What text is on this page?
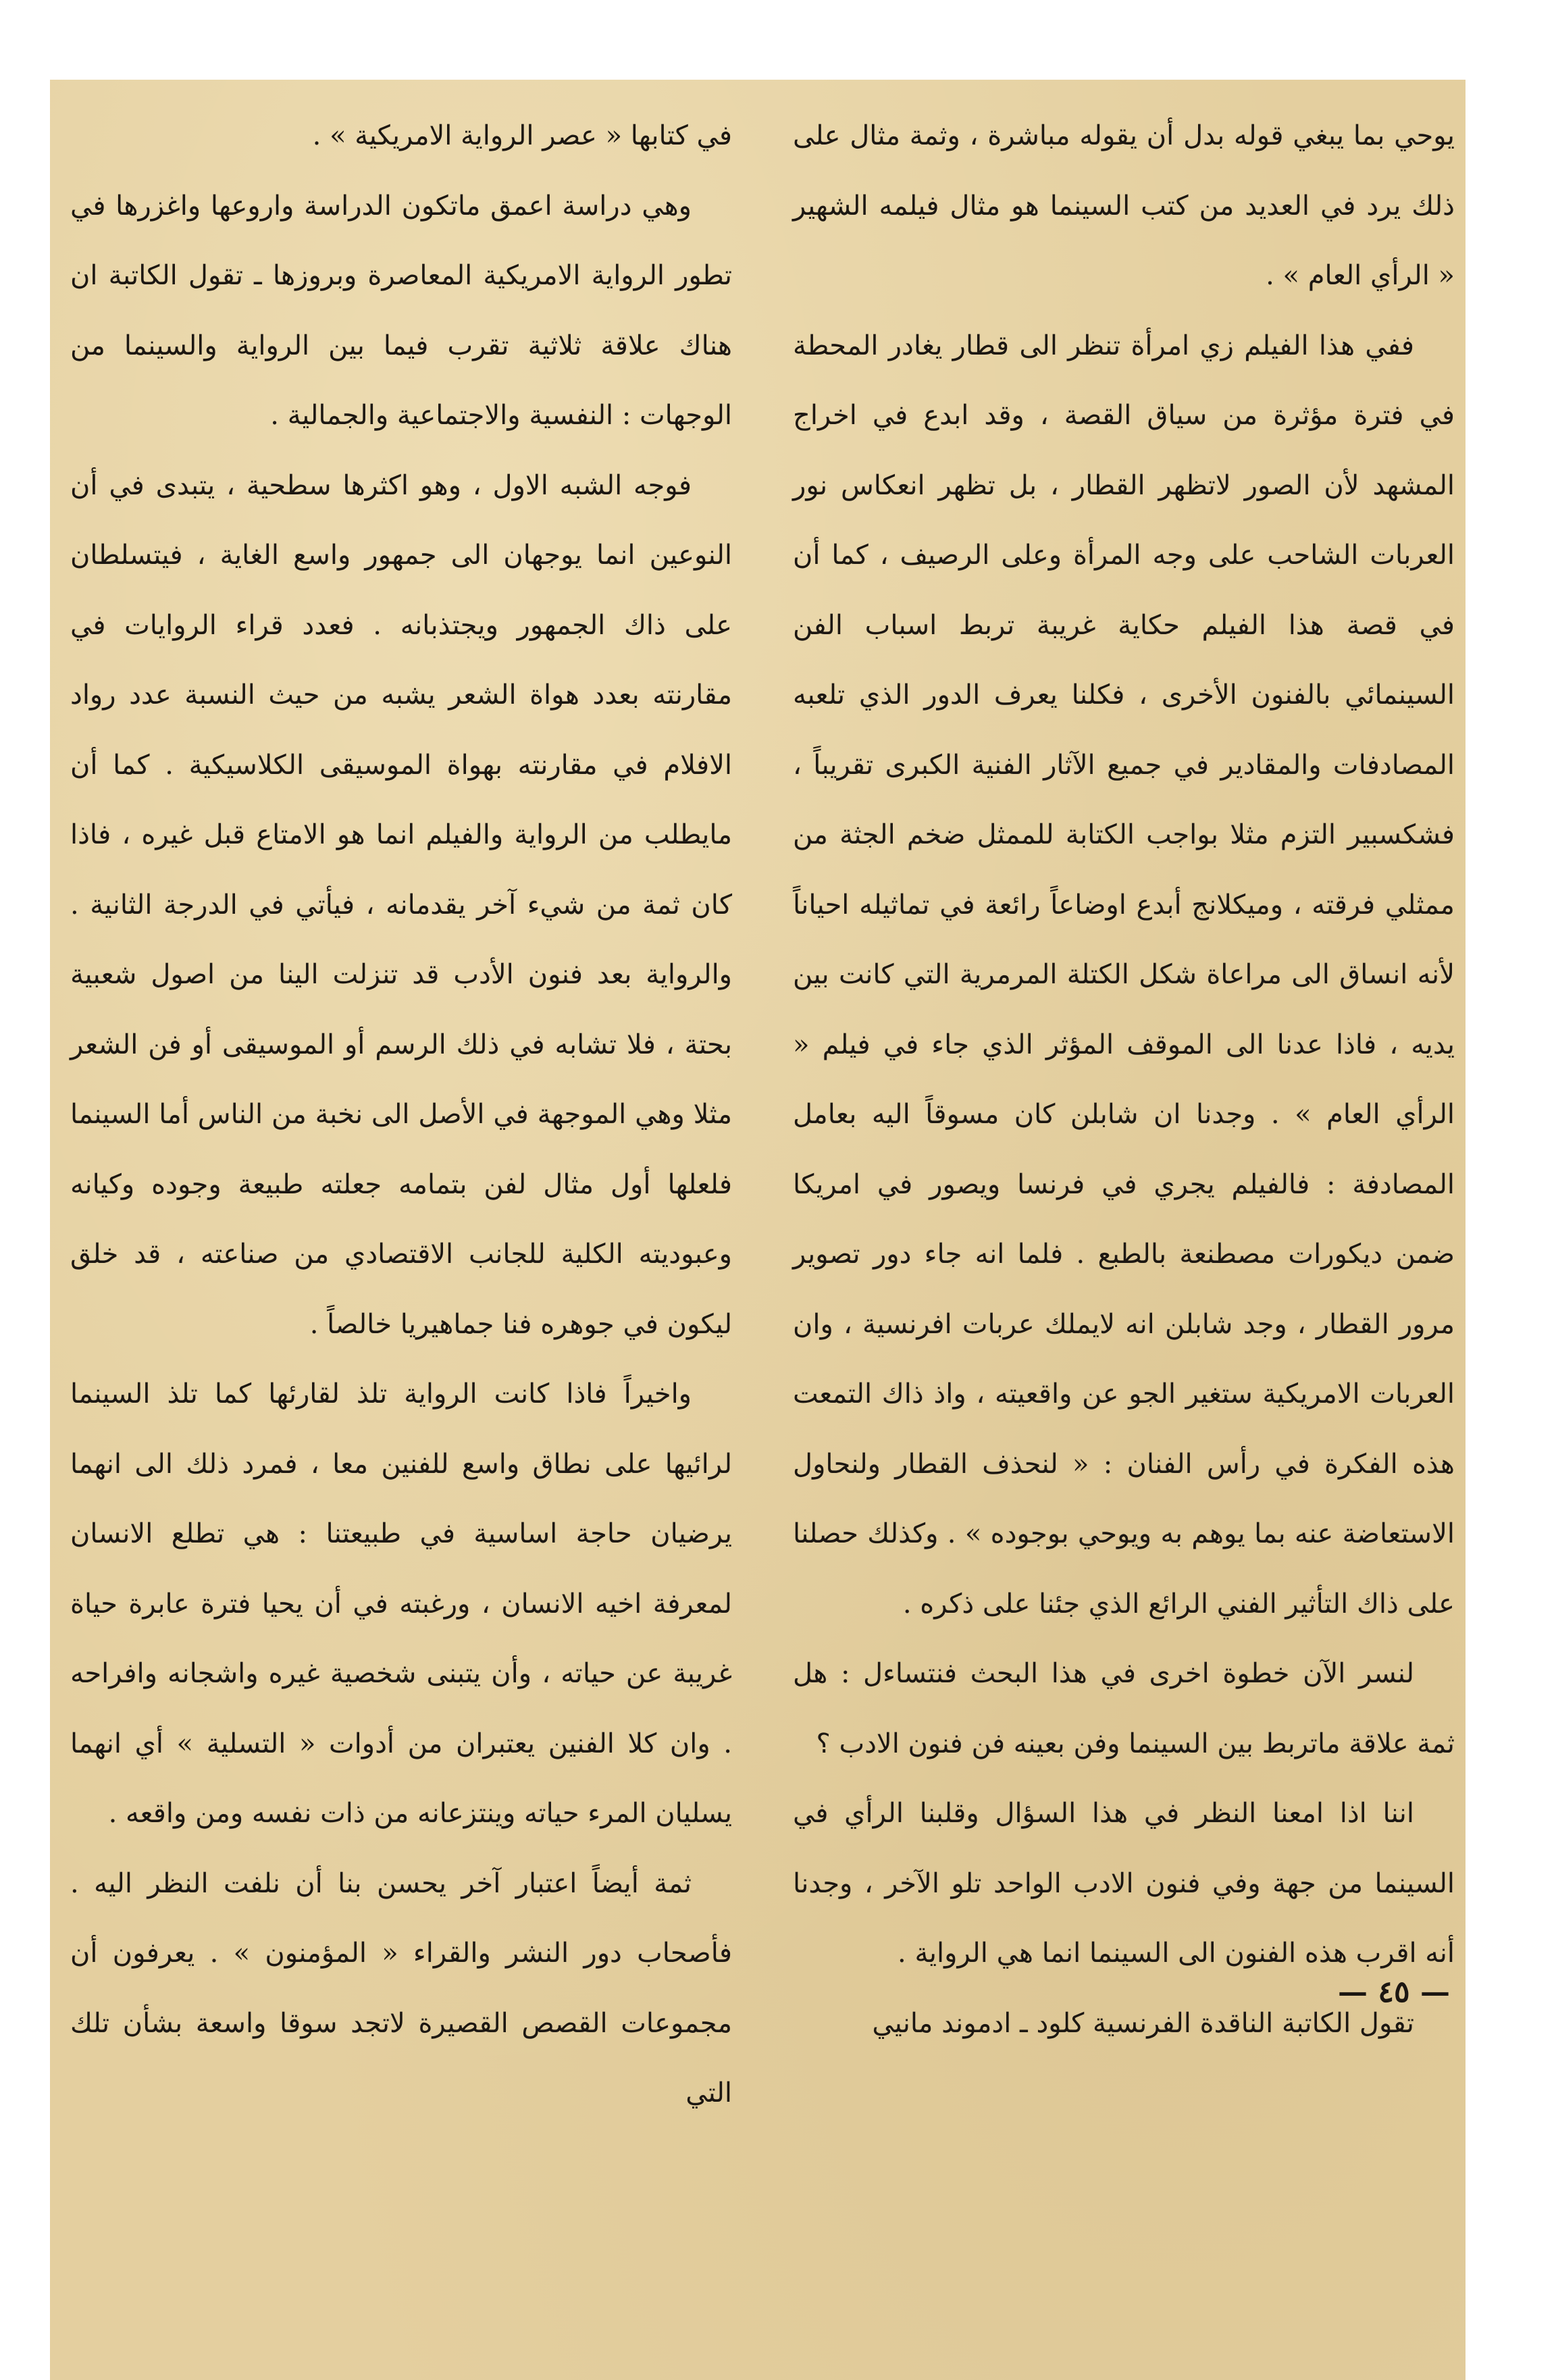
يوحي بما يبغي قوله بدل أن يقوله مباشرة ، وثمة مثال على ذلك يرد في العديد من كتب السينما هو مثال فيلمه الشهير « الرأي العام » .

ففي هذا الفيلم زي امرأة تنظر الى قطار يغادر المحطة في فترة مؤثرة من سياق القصة ، وقد ابدع في اخراج المشهد لأن الصور لاتظهر القطار ، بل تظهر انعكاس نور العربات الشاحب على وجه المرأة وعلى الرصيف ، كما أن في قصة هذا الفيلم حكاية غريبة تربط اسباب الفن السينمائي بالفنون الأخرى ، فكلنا يعرف الدور الذي تلعبه المصادفات والمقادير في جميع الآثار الفنية الكبرى تقريباً ، فشكسبير التزم مثلا بواجب الكتابة للممثل ضخم الجثة من ممثلي فرقته ، وميكلانج أبدع اوضاعاً رائعة في تماثيله احياناً لأنه انساق الى مراعاة شكل الكتلة المرمرية التي كانت بين يديه ، فاذا عدنا الى الموقف المؤثر الذي جاء في فيلم « الرأي العام » . وجدنا ان شابلن كان مسوقاً اليه بعامل المصادفة : فالفيلم يجري في فرنسا ويصور في امريكا ضمن ديكورات مصطنعة بالطبع . فلما انه جاء دور تصوير مرور القطار ، وجد شابلن انه لايملك عربات افرنسية ، وان العربات الامريكية ستغير الجو عن واقعيته ، واذ ذاك التمعت هذه الفكرة في رأس الفنان : « لنحذف القطار ولنحاول الاستعاضة عنه بما يوهم به ويوحي بوجوده » . وكذلك حصلنا على ذاك التأثير الفني الرائع الذي جئنا على ذكره .

لنسر الآن خطوة اخرى في هذا البحث فنتساءل : هل ثمة علاقة ماتربط بين السينما وفن بعينه فن فنون الادب ؟

اننا اذا امعنا النظر في هذا السؤال وقلبنا الرأي في السينما من جهة وفي فنون الادب الواحد تلو الآخر ، وجدنا أنه اقرب هذه الفنون الى السينما انما هي الرواية .

تقول الكاتبة الناقدة الفرنسية كلود ـ ادموند مانيي

في كتابها « عصر الرواية الامريكية » .

وهي دراسة اعمق ماتكون الدراسة واروعها واغزرها في تطور الرواية الامريكية المعاصرة وبروزها ـ تقول الكاتبة ان هناك علاقة ثلاثية تقرب فيما بين الرواية والسينما من الوجهات : النفسية والاجتماعية والجمالية .

فوجه الشبه الاول ، وهو اكثرها سطحية ، يتبدى في أن النوعين انما يوجهان الى جمهور واسع الغاية ، فيتسلطان على ذاك الجمهور ويجتذبانه . فعدد قراء الروايات في مقارنته بعدد هواة الشعر يشبه من حيث النسبة عدد رواد الافلام في مقارنته بهواة الموسيقى الكلاسيكية . كما أن مايطلب من الرواية والفيلم انما هو الامتاع قبل غيره ، فاذا كان ثمة من شيء آخر يقدمانه ، فيأتي في الدرجة الثانية . والرواية بعد فنون الأدب قد تنزلت الينا من اصول شعبية بحتة ، فلا تشابه في ذلك الرسم أو الموسيقى أو فن الشعر مثلا وهي الموجهة في الأصل الى نخبة من الناس أما السينما فلعلها أول مثال لفن بتمامه جعلته طبيعة وجوده وكيانه وعبوديته الكلية للجانب الاقتصادي من صناعته ، قد خلق ليكون في جوهره فنا جماهيريا خالصاً .

واخيراً فاذا كانت الرواية تلذ لقارئها كما تلذ السينما لرائيها على نطاق واسع للفنين معا ، فمرد ذلك الى انهما يرضيان حاجة اساسية في طبيعتنا : هي تطلع الانسان لمعرفة اخيه الانسان ، ورغبته في أن يحيا فترة عابرة حياة غريبة عن حياته ، وأن يتبنى شخصية غيره واشجانه وافراحه . وان كلا الفنين يعتبران من أدوات « التسلية » أي انهما يسليان المرء حياته وينتزعانه من ذات نفسه ومن واقعه .

ثمة أيضاً اعتبار آخر يحسن بنا أن نلفت النظر اليه . فأصحاب دور النشر والقراء « المؤمنون » . يعرفون أن مجموعات القصص القصيرة لاتجد سوقا واسعة بشأن تلك التي

— ٤٥ —
